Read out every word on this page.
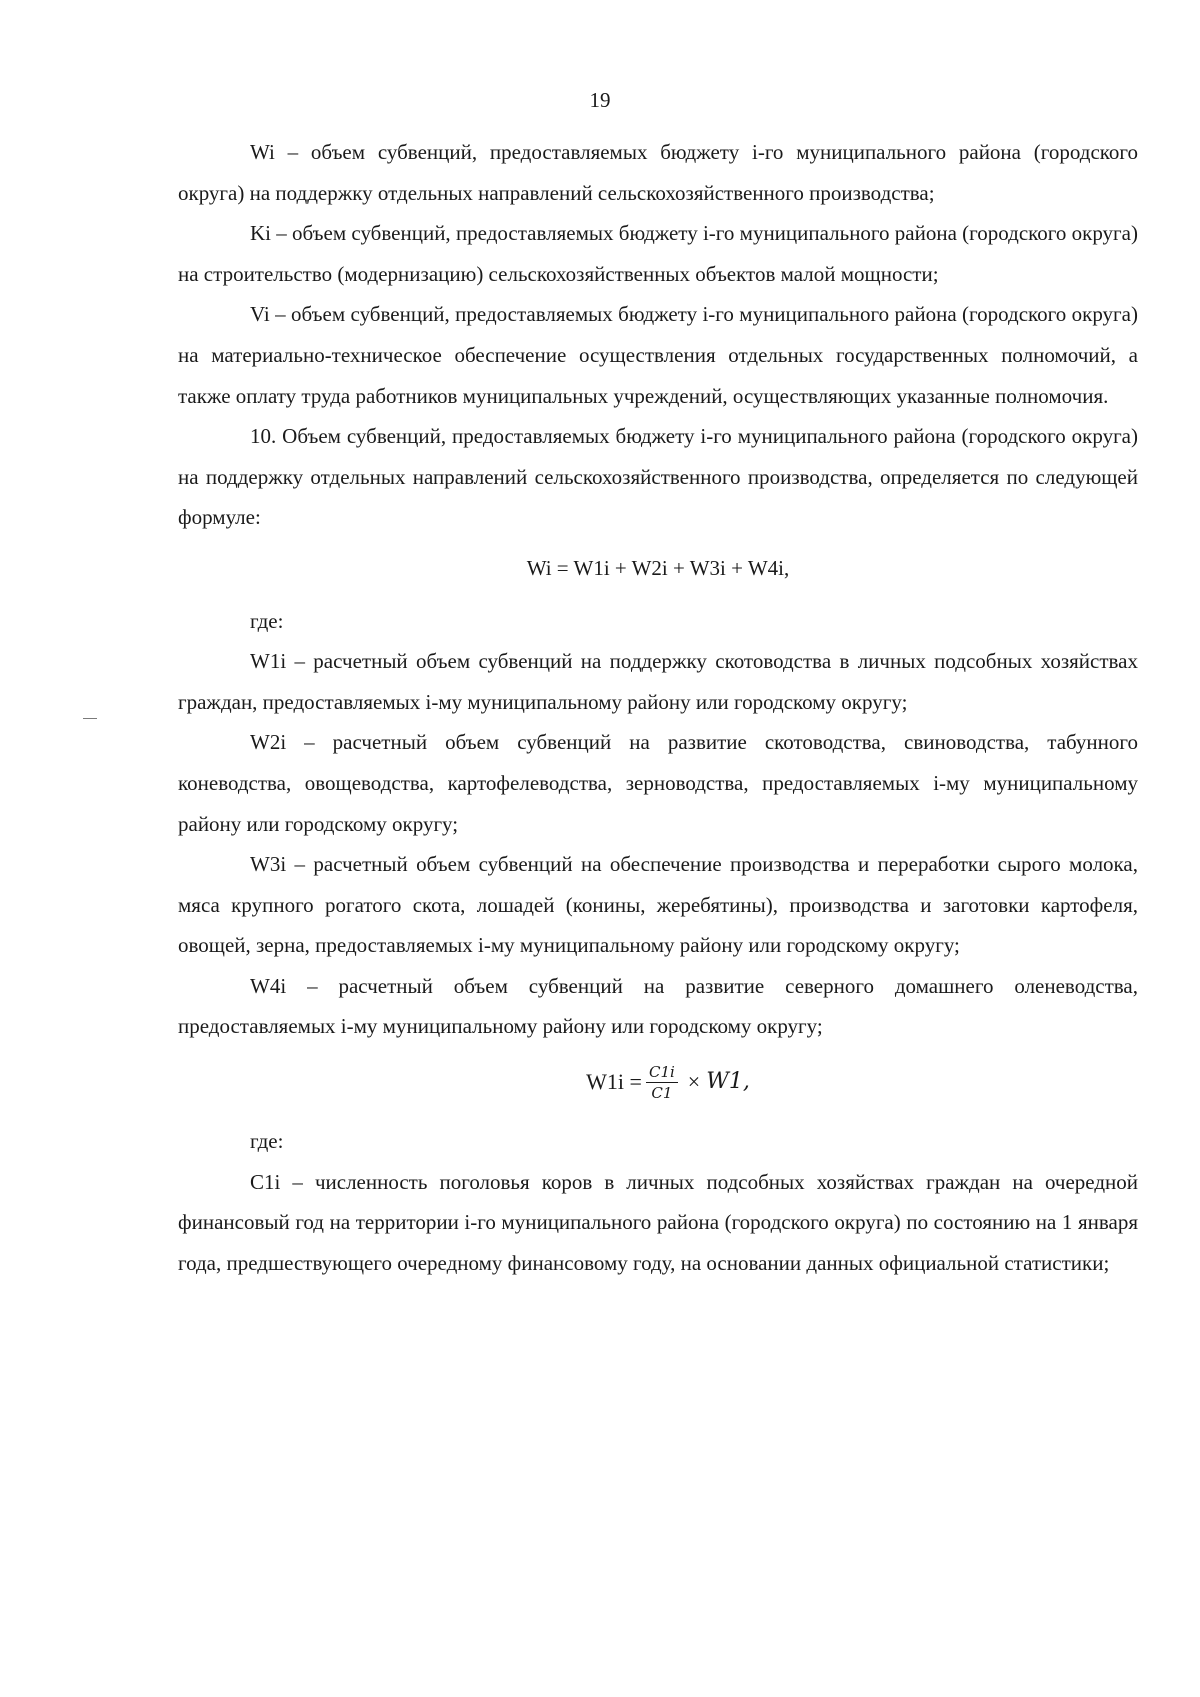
19

Wi – объем субвенций, предоставляемых бюджету i-го муниципального района (городского округа) на поддержку отдельных направлений сельскохозяйственного производства;

Ki – объем субвенций, предоставляемых бюджету i-го муниципального района (городского округа) на строительство (модернизацию) сельскохозяйственных объектов малой мощности;

Vi – объем субвенций, предоставляемых бюджету i-го муниципального района (городского округа) на материально-техническое обеспечение осуществления отдельных государственных полномочий, а также оплату труда работников муниципальных учреждений, осуществляющих указанные полномочия.

10. Объем субвенций, предоставляемых бюджету i-го муниципального района (городского округа) на поддержку отдельных направлений сельскохозяйственного производства, определяется по следующей формуле:

Wi = W1i + W2i + W3i + W4i,

где:

W1i – расчетный объем субвенций на поддержку скотоводства в личных подсобных хозяйствах граждан, предоставляемых i-му муниципальному району или городскому округу;

W2i – расчетный объем субвенций на развитие скотоводства, свиноводства, табунного коневодства, овощеводства, картофелеводства, зерноводства, предоставляемых i-му муниципальному району или городскому округу;

W3i – расчетный объем субвенций на обеспечение производства и переработки сырого молока, мяса крупного рогатого скота, лошадей (конины, жеребятины), производства и заготовки картофеля, овощей, зерна, предоставляемых i-му муниципальному району или городскому округу;

W4i – расчетный объем субвенций на развитие северного домашнего оленеводства, предоставляемых i-му муниципальному району или городскому округу;

$W1i = \frac{C1i}{C1} \times W1$,

где:

C1i – численность поголовья коров в личных подсобных хозяйствах граждан на очередной финансовый год на территории i-го муниципального района (городского округа) по состоянию на 1 января года, предшествующего очередному финансовому году, на основании данных официальной статистики;
